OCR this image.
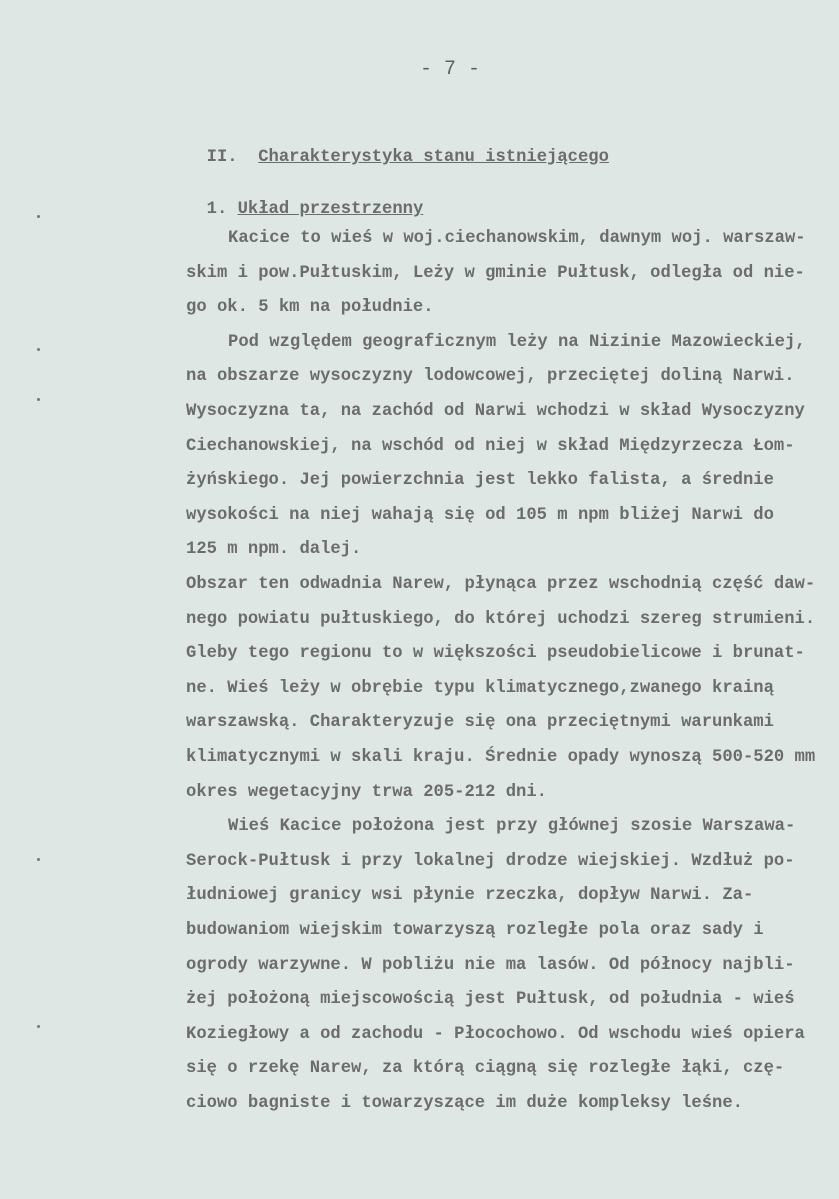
- 7 -

II. Charakterystyka stanu istniejącego

1. Układ przestrzenny

Kacice to wieś w woj.ciechanowskim, dawnym woj. warszaw-
skim i pow.Pułtuskim, Leży w gminie Pułtusk, odległa od nie-
go ok. 5 km na południe.
Pod względem geograficznym leży na Nizinie Mazowieckiej,
na obszarze wysoczyzny lodowcowej, przeciętej doliną Narwi.
Wysoczyzna ta, na zachód od Narwi wchodzi w skład Wysoczyzny
Ciechanowskiej, na wschód od niej w skład Międzyrzecza Łom-
żyńskiego. Jej powierzchnia jest lekko falista, a średnie
wysokości na niej wahają się od 105 m npm bliżej Narwi do
125 m npm. dalej.
Obszar ten odwadnia Narew, płynąca przez wschodnią część daw-
nego powiatu pułtuskiego, do której uchodzi szereg strumieni.
Gleby tego regionu to w większości pseudobielicowe i brunat-
ne. Wieś leży w obrębie typu klimatycznego,zwanego krainą
warszawską. Charakteryzuje się ona przeciętnymi warunkami
klimatycznymi w skali kraju. Średnie opady wynoszą 500-520 mm
okres wegetacyjny trwa 205-212 dni.
Wieś Kacice położona jest przy głównej szosie Warszawa-
Serock-Pułtusk i przy lokalnej drodze wiejskiej. Wzdłuż po-
łudniowej granicy wsi płynie rzeczka, dopływ Narwi. Za-
budowaniom wiejskim towarzyszą rozległe pola oraz sady i
ogrody warzywne. W pobliżu nie ma lasów. Od północy najbli-
żej położoną miejscowością jest Pułtusk, od południa - wieś
Koziegłowy a od zachodu - Płocochowo. Od wschodu wieś opiera
się o rzekę Narew, za którą ciągną się rozległe łąki, czę-
ciowo bagniste i towarzyszące im duże kompleksy leśne.
